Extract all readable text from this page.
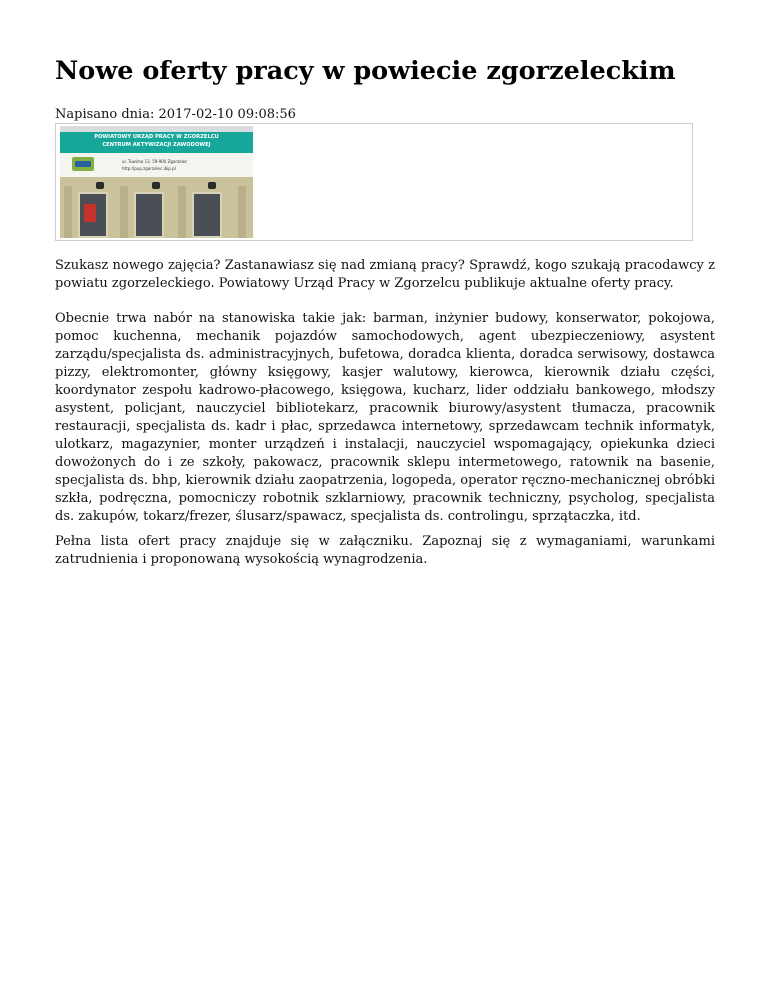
Nowe oferty pracy w powiecie zgorzeleckim
Napisano dnia: 2017-02-10 09:08:56
POWIATOWY URZĄD PRACY W ZGORZELCU
CENTRUM AKTYWIZACJI ZAWODOWEJ
ul. Tuwima 13, 59-900 Zgorzelec
http://pup.zgorzelec.ibip.pl

Szukasz nowego zajęcia? Zastanawiasz się nad zmianą pracy? Sprawdź, kogo szukają pracodawcy z powiatu zgorzeleckiego. Powiatowy Urząd Pracy w Zgorzelcu publikuje aktualne oferty pracy.

Obecnie trwa nabór na stanowiska takie jak: barman, inżynier budowy, konserwator, pokojowa, pomoc kuchenna, mechanik pojazdów samochodowych, agent ubezpieczeniowy, asystent zarządu/specjalista ds. administracyjnych, bufetowa, doradca klienta, doradca serwisowy, dostawca pizzy, elektromonter, główny księgowy, kasjer walutowy, kierowca, kierownik działu części, koordynator zespołu kadrowo-płacowego, księgowa, kucharz, lider oddziału bankowego, młodszy asystent, policjant, nauczyciel bibliotekarz, pracownik biurowy/asystent tłumacza, pracownik restauracji, specjalista ds. kadr i płac, sprzedawca internetowy, sprzedawcam technik informatyk, ulotkarz, magazynier, monter urządzeń i instalacji, nauczyciel wspomagający, opiekunka dzieci dowożonych do i ze szkoły, pakowacz, pracownik sklepu intermetowego, ratownik na basenie, specjalista ds. bhp, kierownik działu zaopatrzenia, logopeda, operator ręczno-mechanicznej obróbki szkła, podręczna, pomocniczy robotnik szklarniowy, pracownik techniczny, psycholog, specjalista ds. zakupów, tokarz/frezer, ślusarz/spawacz, specjalista ds. controlingu, sprzątaczka, itd.

Pełna lista ofert pracy znajduje się w załączniku. Zapoznaj się z wymaganiami, warunkami zatrudnienia i proponowaną wysokością wynagrodzenia.
